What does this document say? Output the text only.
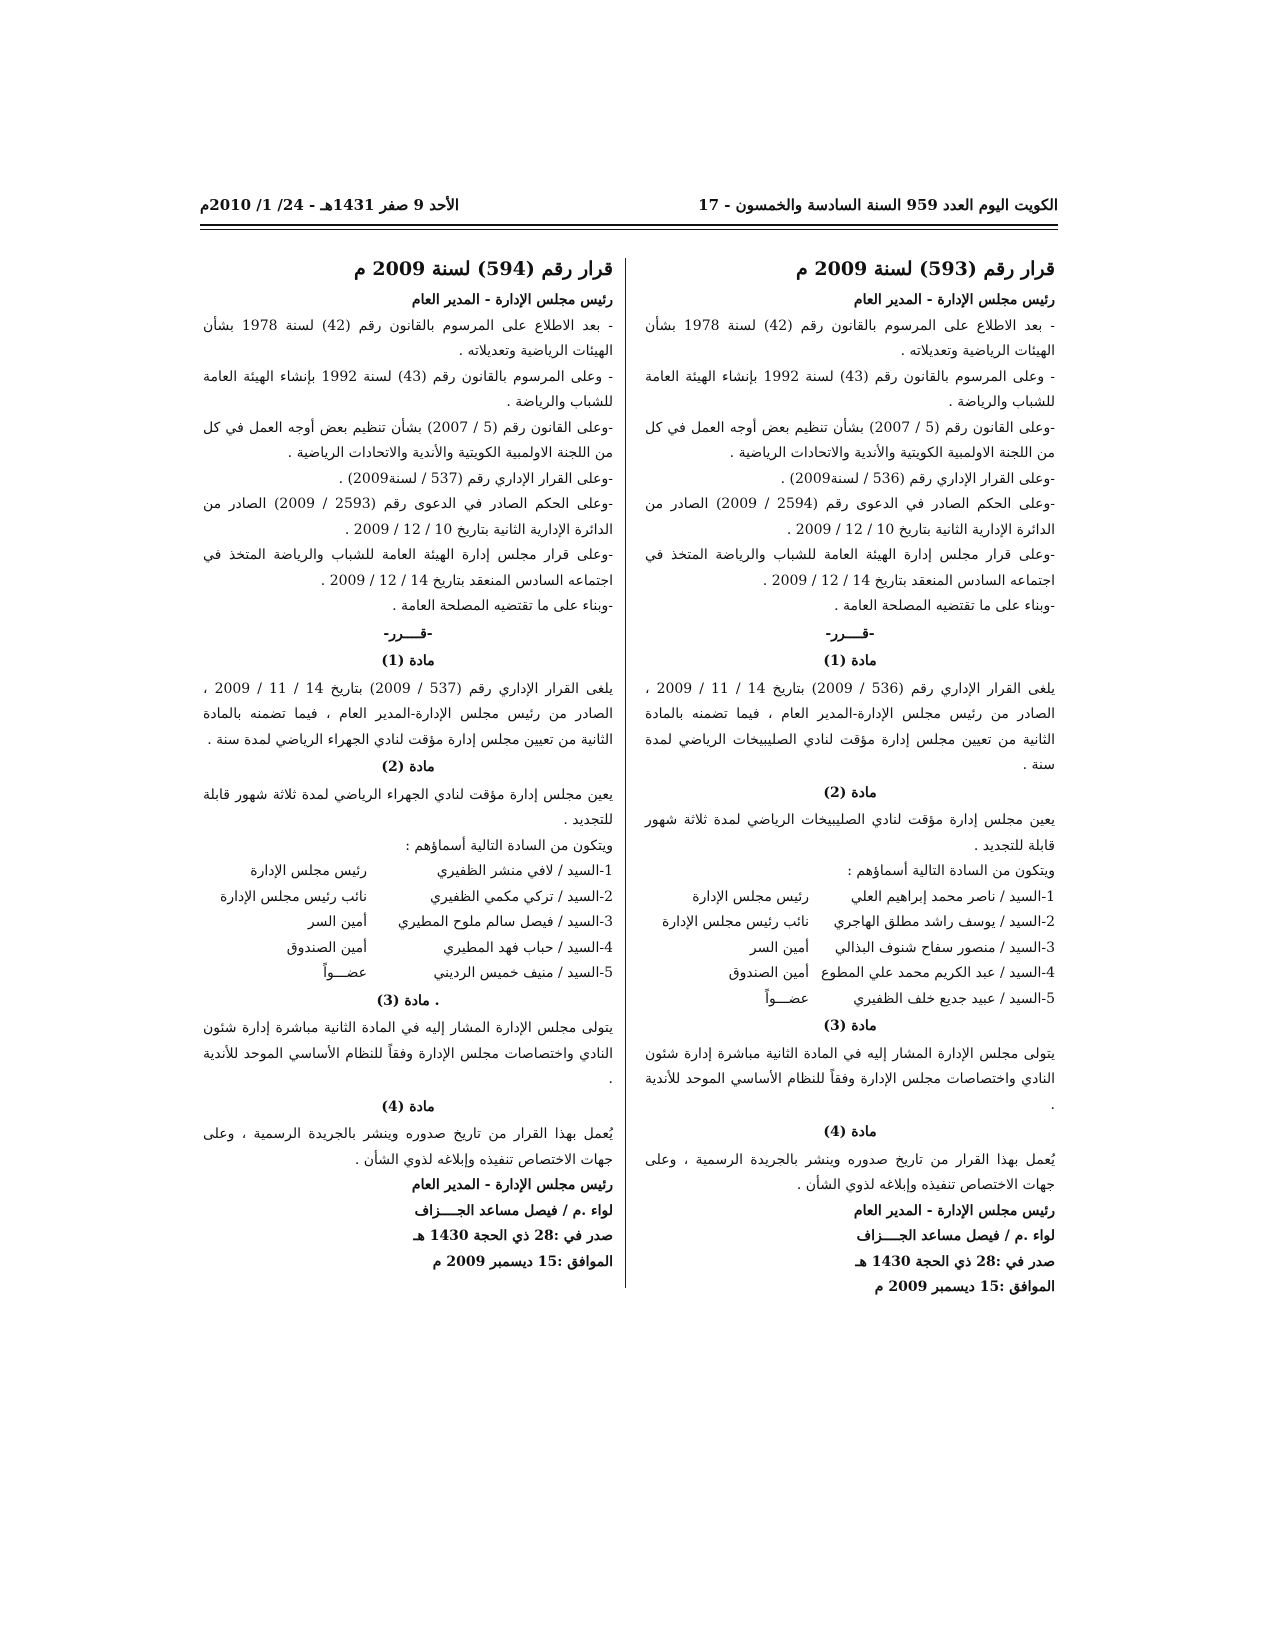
الكويت اليوم العدد 959 السنة السادسة والخمسون - 17
الأحد 9 صفر 1431هـ - 24/ 1/ 2010م
قرار رقم (593) لسنة 2009 م

رئيس مجلس الإدارة - المدير العام

- بعد الاطلاع على المرسوم بالقانون رقم (42) لسنة 1978 بشأن الهيئات الرياضية وتعديلاته .

- وعلى المرسوم بالقانون رقم (43) لسنة 1992 بإنشاء الهيئة العامة للشباب والرياضة .

-وعلى القانون رقم (5 / 2007) بشأن تنظيم بعض أوجه العمل في كل من اللجنة الاولمبية الكويتية والأندية والاتحادات الرياضية .

-وعلى القرار الإداري رقم (536 / لسنة2009) .

-وعلى الحكم الصادر في الدعوى رقم (2594 / 2009) الصادر من الدائرة الإدارية الثانية بتاريخ 10 / 12 / 2009 .

-وعلى قرار مجلس إدارة الهيئة العامة للشباب والرياضة المتخذ في اجتماعه السادس المنعقد بتاريخ 14 / 12 / 2009 .

-وبناء على ما تقتضيه المصلحة العامة .

-قــــرر-
مادة (1)

يلغى القرار الإداري رقم (536 / 2009) بتاريخ 14 / 11 / 2009 ، الصادر من رئيس مجلس الإدارة-المدير العام ، فيما تضمنه بالمادة الثانية من تعيين مجلس إدارة مؤقت لنادي الصليبيخات الرياضي لمدة سنة .

مادة (2)

يعين مجلس إدارة مؤقت لنادي الصليبيخات الرياضي لمدة ثلاثة شهور قابلة للتجديد .

ويتكون من السادة التالية أسماؤهم :

1-السيد / ناصر محمد إبراهيم العلي	رئيس مجلس الإدارة
2-السيد / يوسف راشد مطلق الهاجري	نائب رئيس مجلس الإدارة
3-السيد / منصور سفاح شنوف البذالي	أمين السر
4-السيد / عبد الكريم محمد علي المطوع	أمين الصندوق
5-السيد / عبيد جديع خلف الظفيري	عضـــواً
مادة (3)

يتولى مجلس الإدارة المشار إليه في المادة الثانية مباشرة إدارة شئون النادي واختصاصات مجلس الإدارة وفقاً للنظام الأساسي الموحد للأندية .

مادة (4)

يُعمل بهذا القرار من تاريخ صدوره وينشر بالجريدة الرسمية ، وعلى جهات الاختصاص تنفيذه وإبلاغه لذوي الشأن .

رئيس مجلس الإدارة - المدير العام

لواء .م / فيصل مساعد الجــــزاف

صدر في :28 ذي الحجة 1430 هـ

الموافق :15 ديسمبر 2009 م

قرار رقم (594) لسنة 2009 م

رئيس مجلس الإدارة - المدير العام

- بعد الاطلاع على المرسوم بالقانون رقم (42) لسنة 1978 بشأن الهيئات الرياضية وتعديلاته .

- وعلى المرسوم بالقانون رقم (43) لسنة 1992 بإنشاء الهيئة العامة للشباب والرياضة .

-وعلى القانون رقم (5 / 2007) بشأن تنظيم بعض أوجه العمل في كل من اللجنة الاولمبية الكويتية والأندية والاتحادات الرياضية .

-وعلى القرار الإداري رقم (537 / لسنة2009) .

-وعلى الحكم الصادر في الدعوى رقم (2593 / 2009) الصادر من الدائرة الإدارية الثانية بتاريخ 10 / 12 / 2009 .

-وعلى قرار مجلس إدارة الهيئة العامة للشباب والرياضة المتخذ في اجتماعه السادس المنعقد بتاريخ 14 / 12 / 2009 .

-وبناء على ما تقتضيه المصلحة العامة .

-قــــرر-
مادة (1)

يلغى القرار الإداري رقم (537 / 2009) بتاريخ 14 / 11 / 2009 ، الصادر من رئيس مجلس الإدارة-المدير العام ، فيما تضمنه بالمادة الثانية من تعيين مجلس إدارة مؤقت لنادي الجهراء الرياضي لمدة سنة .

مادة (2)

يعين مجلس إدارة مؤقت لنادي الجهراء الرياضي لمدة ثلاثة شهور قابلة للتجديد .

ويتكون من السادة التالية أسماؤهم :

1-السيد / لافي منشر الظفيري	رئيس مجلس الإدارة
2-السيد / تركي مكمي الظفيري	نائب رئيس مجلس الإدارة
3-السيد / فيصل سالم ملوح المطيري	أمين السر
4-السيد / حباب فهد المطيري	أمين الصندوق
5-السيد / منيف خميس الرديني	عضـــواً
. مادة (3)

يتولى مجلس الإدارة المشار إليه في المادة الثانية مباشرة إدارة شئون النادي واختصاصات مجلس الإدارة وفقاً للنظام الأساسي الموحد للأندية .

مادة (4)

يُعمل بهذا القرار من تاريخ صدوره وينشر بالجريدة الرسمية ، وعلى جهات الاختصاص تنفيذه وإبلاغه لذوي الشأن .

رئيس مجلس الإدارة - المدير العام

لواء .م / فيصل مساعد الجــــزاف

صدر في :28 ذي الحجة 1430 هـ

الموافق :15 ديسمبر 2009 م
